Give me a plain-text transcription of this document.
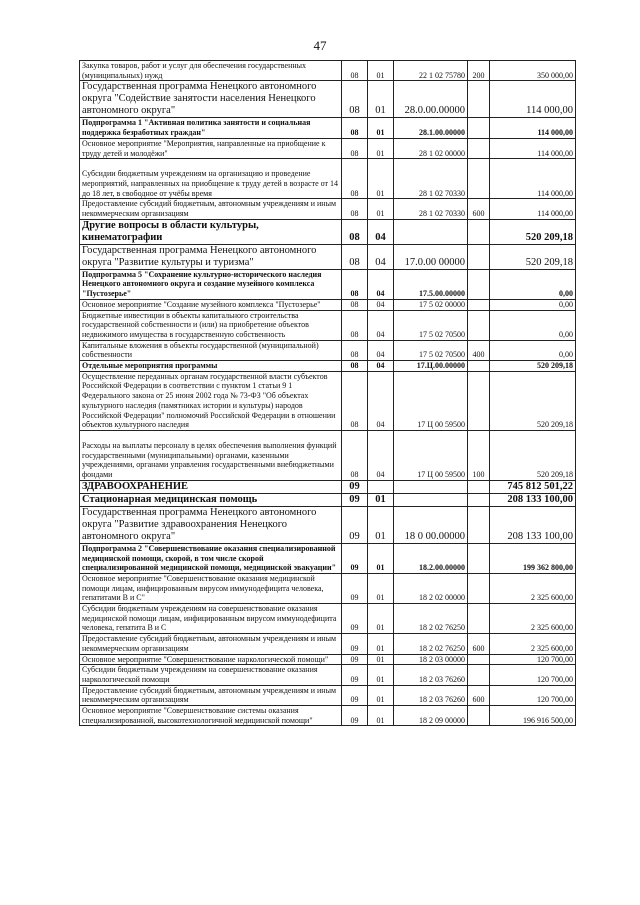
47
Закупка товаров, работ и услуг для обеспечения государственных (муниципальных) нужд	08	01	22 1 02 75780	200	350 000,00
Государственная программа Ненецкого автономного округа "Содействие занятости населения Ненецкого автономного округа"	08	01	28.0.00.00000		114 000,00
Подпрограмма 1 "Активная политика занятости и социальная поддержка безработных граждан"	08	01	28.1.00.00000		114 000,00
Основное мероприятие "Мероприятия, направленные на приобщение к труду детей и молодёжи"	08	01	28 1 02 00000		114 000,00
Субсидии бюджетным учреждениям на организацию и проведение мероприятий, направленных на приобщение к труду детей в возрасте от 14 до 18 лет, в свободное от учёбы время	08	01	28 1 02 70330		114 000,00
Предоставление субсидий бюджетным, автономным учреждениям и иным некоммерческим организациям	08	01	28 1 02 70330	600	114 000,00
Другие вопросы в области культуры, кинематографии	08	04			520 209,18
Государственная программа Ненецкого автономного округа "Развитие культуры и туризма"	08	04	17.0.00 00000		520 209,18
Подпрограмма 5 "Сохранение культурно-исторического наследия Ненецкого автономного округа и создание музейного комплекса "Пустозерье"	08	04	17.5.00.00000		0,00
Основное мероприятие "Создание музейного комплекса "Пустозерье"	08	04	17 5 02 00000		0,00
Бюджетные инвестиции в объекты капитального строительства государственной собственности и (или) на приобретение объектов недвижимого имущества в государственную собственность	08	04	17 5 02 70500		0,00
Капитальные вложения в объекты государственной (муниципальной) собственности	08	04	17 5 02 70500	400	0,00
Отдельные мероприятия программы	08	04	17.Ц.00.00000		520 209,18
Осуществление переданных органам государственной власти субъектов Российской Федерации в соответствии с пунктом 1 статьи 9 1 Федерального закона от 25 июня 2002 года № 73-ФЗ "Об объектах культурного наследия (памятниках истории и культуры) народов Российской Федерации" полномочий Российской Федерации в отношении объектов культурного наследия	08	04	17 Ц 00 59500		520 209,18
Расходы на выплаты персоналу в целях обеспечения выполнения функций государственными (муниципальными) органами, казенными учреждениями, органами управления государственными внебюджетными фондами	08	04	17 Ц 00 59500	100	520 209,18
ЗДРАВООХРАНЕНИЕ	09				745 812 501,22
Стационарная медицинская помощь	09	01			208 133 100,00
Государственная программа Ненецкого автономного округа "Развитие здравоохранения Ненецкого автономного округа"	09	01	18 0 00.00000		208 133 100,00
Подпрограмма 2 "Совершенствование оказания специализированной медицинской помощи, скорой, в том числе скорой специализированной медицинской помощи, медицинской эвакуации"	09	01	18.2.00.00000		199 362 800,00
Основное мероприятие "Совершенствование оказания медицинской помощи лицам, инфицированным вирусом иммунодефицита человека, гепатитами В и С"	09	01	18 2 02 00000		2 325 600,00
Субсидии бюджетным учреждениям на совершенствование оказания медицинской помощи лицам, инфицированным вирусом иммунодефицита человека, гепатита В и С	09	01	18 2 02 76250		2 325 600,00
Предоставление субсидий бюджетным, автономным учреждениям и иным некоммерческим организациям	09	01	18 2 02 76250	600	2 325 600,00
Основное мероприятие "Совершенствование наркологической помощи"	09	01	18 2 03 00000		120 700,00
Субсидии бюджетным учреждениям на совершенствование оказания наркологической помощи	09	01	18 2 03 76260		120 700,00
Предоставление субсидий бюджетным, автономным учреждениям и иным некоммерческим организациям	09	01	18 2 03 76260	600	120 700,00
Основное мероприятие "Совершенствование системы оказания специализированной, высокотехнологичной медицинской помощи"	09	01	18 2 09 00000		196 916 500,00
